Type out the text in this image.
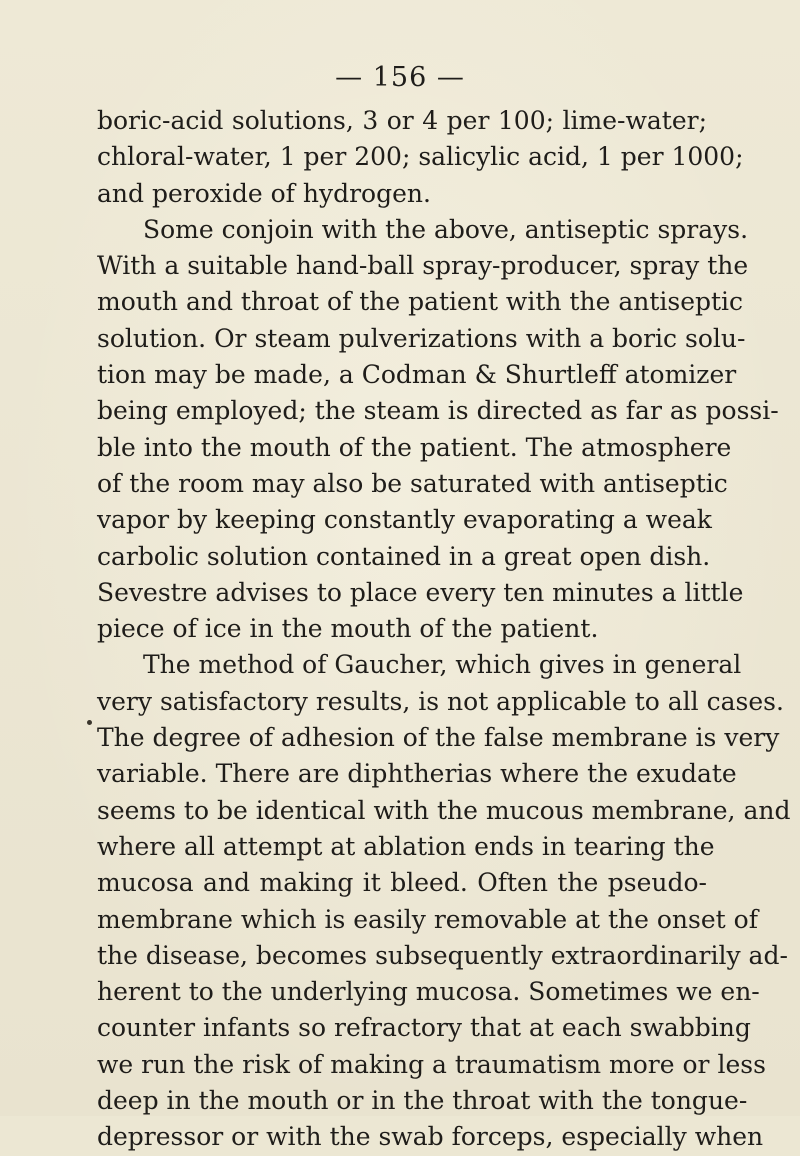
— 156 —
boric-acid solutions, 3 or 4 per 100; lime-water;
chloral-water, 1 per 200; salicylic acid, 1 per 1000;
and peroxide of hydrogen.
Some conjoin with the above, antiseptic sprays.
With a suitable hand-ball spray-producer, spray the
mouth and throat of the patient with the antiseptic
solution. Or steam pulverizations with a boric solu-
tion may be made, a Codman & Shurtleff atomizer
being employed; the steam is directed as far as possi-
ble into the mouth of the patient. The atmosphere
of the room may also be saturated with antiseptic
vapor by keeping constantly evaporating a weak
carbolic solution contained in a great open dish.
Sevestre advises to place every ten minutes a little
piece of ice in the mouth of the patient.
The method of Gaucher, which gives in general
very satisfactory results, is not applicable to all cases.
The degree of adhesion of the false membrane is very
variable. There are diphtherias where the exudate
seems to be identical with the mucous membrane, and
where all attempt at ablation ends in tearing the
mucosa and making it bleed. Often the pseudo-
membrane which is easily removable at the onset of
the disease, becomes subsequently extraordinarily ad-
herent to the underlying mucosa. Sometimes we en-
counter infants so refractory that at each swabbing
we run the risk of making a traumatism more or less
deep in the mouth or in the throat with the tongue-
depressor or with the swab forceps, especially when
